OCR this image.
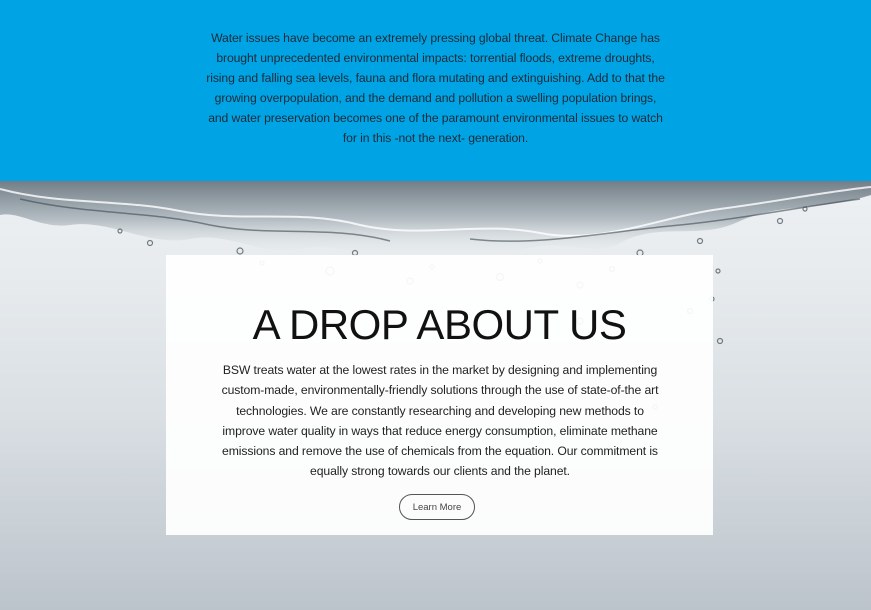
Water issues have become an extremely pressing global threat. Climate Change has brought unprecedented environmental impacts: torrential floods, extreme droughts, rising and falling sea levels, fauna and flora mutating and extinguishing. Add to that the growing overpopulation, and the demand and pollution a swelling population brings, and water preservation becomes one of the paramount environmental issues to watch for in this -not the next- generation.

A DROP ABOUT US

BSW treats water at the lowest rates in the market by designing and implementing custom-made, environmentally-friendly solutions through the use of state-of-the art technologies. We are constantly researching and developing new methods to improve water quality in ways that reduce energy consumption, eliminate methane emissions and remove the use of chemicals from the equation. Our commitment is equally strong towards our clients and the planet.

Learn More
